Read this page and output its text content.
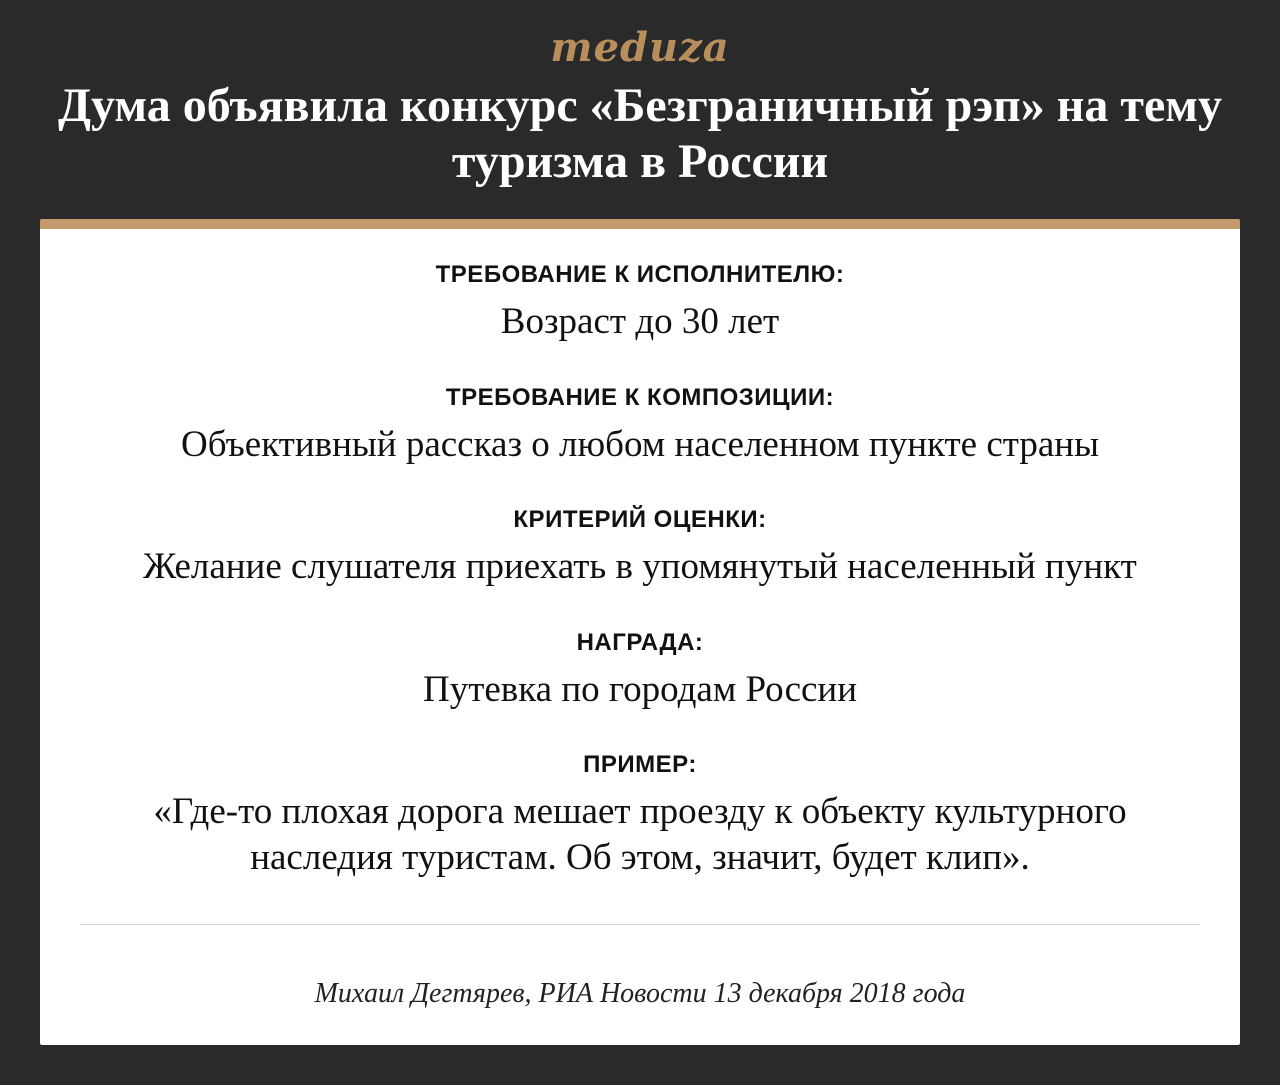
meduza
Дума объявила конкурс «Безграничный рэп» на тему туризма в России
ТРЕБОВАНИЕ К ИСПОЛНИТЕЛЮ:
Возраст до 30 лет
ТРЕБОВАНИЕ К КОМПОЗИЦИИ:
Объективный рассказ о любом населенном пункте страны
КРИТЕРИЙ ОЦЕНКИ:
Желание слушателя приехать в упомянутый населенный пункт
НАГРАДА:
Путевка по городам России
ПРИМЕР:
«Где-то плохая дорога мешает проезду к объекту культурного наследия туристам. Об этом, значит, будет клип».
Михаил Дегтярев, РИА Новости 13 декабря 2018 года
